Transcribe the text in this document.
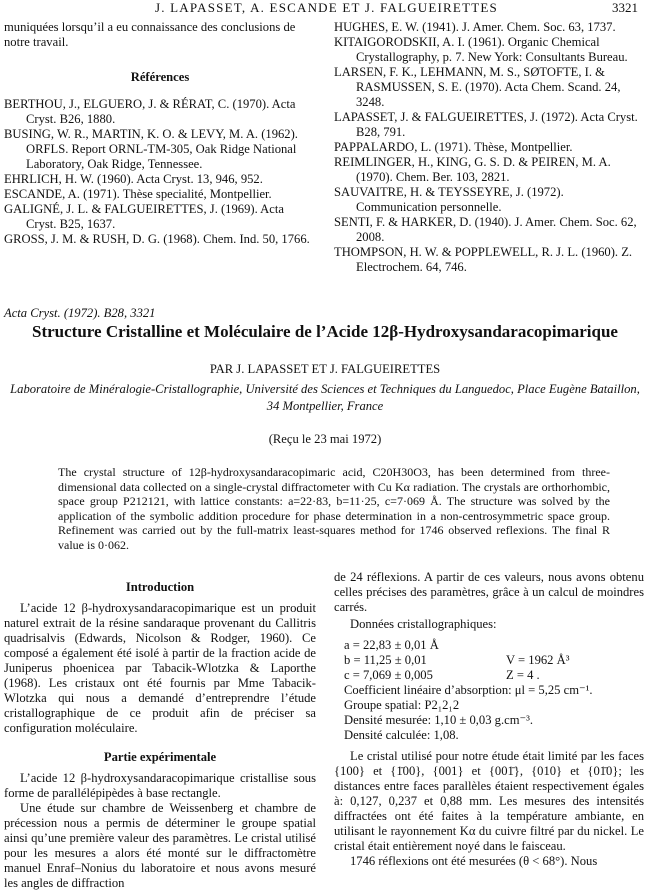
J. LAPASSET, A. ESCANDE ET J. FALGUEIRETTES	3321

muniquées lorsqu’il a eu connaissance des conclusions de notre travail.

Références

BERTHOU, J., ELGUERO, J. & RÉRAT, C. (1970). Acta Cryst. B26, 1880.

BUSING, W. R., MARTIN, K. O. & LEVY, M. A. (1962). ORFLS. Report ORNL-TM-305, Oak Ridge National Laboratory, Oak Ridge, Tennessee.

EHRLICH, H. W. (1960). Acta Cryst. 13, 946, 952.

ESCANDE, A. (1971). Thèse specialité, Montpellier.

GALIGNÉ, J. L. & FALGUEIRETTES, J. (1969). Acta Cryst. B25, 1637.

GROSS, J. M. & RUSH, D. G. (1968). Chem. Ind. 50, 1766.

HUGHES, E. W. (1941). J. Amer. Chem. Soc. 63, 1737.

KITAIGORODSKII, A. I. (1961). Organic Chemical Crystallography, p. 7. New York: Consultants Bureau.

LARSEN, F. K., LEHMANN, M. S., SØTOFTE, I. & RASMUSSEN, S. E. (1970). Acta Chem. Scand. 24, 3248.

LAPASSET, J. & FALGUEIRETTES, J. (1972). Acta Cryst. B28, 791.

PAPPALARDO, L. (1971). Thèse, Montpellier.

REIMLINGER, H., KING, G. S. D. & PEIREN, M. A. (1970). Chem. Ber. 103, 2821.

SAUVAITRE, H. & TEYSSEYRE, J. (1972). Communication personnelle.

SENTI, F. & HARKER, D. (1940). J. Amer. Chem. Soc. 62, 2008.

THOMPSON, H. W. & POPPLEWELL, R. J. L. (1960). Z. Electrochem. 64, 746.

Acta Cryst. (1972). B28, 3321
Structure Cristalline et Moléculaire de l’Acide 12β-Hydroxysandaracopimarique
PAR J. LAPASSET ET J. FALGUEIRETTES
Laboratoire de Minéralogie-Cristallographie, Université des Sciences et Techniques du Languedoc, Place Eugène Bataillon, 34 Montpellier, France
(Reçu le 23 mai 1972)
The crystal structure of 12β-hydroxysandaracopimaric acid, C20H30O3, has been determined from three-dimensional data collected on a single-crystal diffractometer with Cu Kα radiation. The crystals are orthorhombic, space group P212121, with lattice constants: a=22·83, b=11·25, c=7·069 Å. The structure was solved by the application of the symbolic addition procedure for phase determination in a non-centrosymmetric space group. Refinement was carried out by the full-matrix least-squares method for 1746 observed reflexions. The final R value is 0·062.
Introduction

L’acide 12 β-hydroxysandaracopimarique est un produit naturel extrait de la résine sandaraque provenant du Callitris quadrisalvis (Edwards, Nicolson & Rodger, 1960). Ce composé a également été isolé à partir de la fraction acide de Juniperus phoenicea par Tabacik-Wlotzka & Laporthe (1968). Les cristaux ont été fournis par Mme Tabacik-Wlotzka qui nous a demandé d’entreprendre l’étude cristallographique de ce produit afin de préciser sa configuration moléculaire.

Partie expérimentale

L’acide 12 β-hydroxysandaracopimarique cristallise sous forme de parallélépipèdes à base rectangle.

Une étude sur chambre de Weissenberg et chambre de précession nous a permis de déterminer le groupe spatial ainsi qu’une première valeur des paramètres. Le cristal utilisé pour les mesures a alors été monté sur le diffractomètre manuel Enraf–Nonius du laboratoire et nous avons mesuré les angles de diffraction

de 24 réflexions. A partir de ces valeurs, nous avons obtenu celles précises des paramètres, grâce à un calcul de moindres carrés.

Données cristallographiques:

a = 22,83 ± 0,01 Å
b = 11,25 ± 0,01	V = 1962 Å³
c = 7,069 ± 0,005	Z = 4 .

Coefficient linéaire d’absorption: μl = 5,25 cm⁻¹.

Groupe spatial: P2₁2₁2

Densité mesurée: 1,10 ± 0,03 g.cm⁻³.

Densité calculée: 1,08.

Le cristal utilisé pour notre étude était limité par les faces {100} et {1̄00}, {001} et {001̄}, {010} et {01̄0}; les distances entre faces parallèles étaient respectivement égales à: 0,127, 0,237 et 0,88 mm. Les mesures des intensités diffractées ont été faites à la température ambiante, en utilisant le rayonnement Kα du cuivre filtré par du nickel. Le cristal était entièrement noyé dans le faisceau.

1746 réflexions ont été mesurées (θ < 68°). Nous
